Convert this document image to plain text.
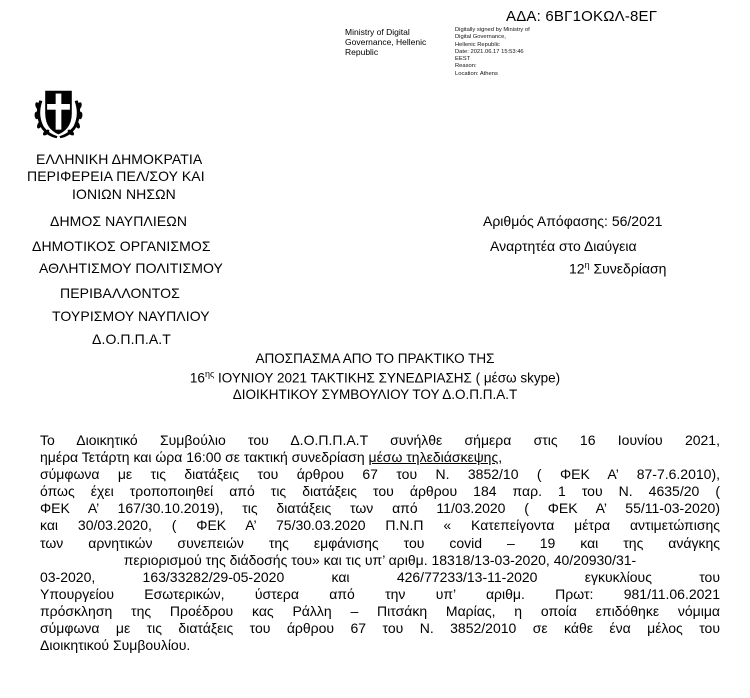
ΑΔΑ: 6ΒΓ1ΟΚΩΛ-8ΕΓ
Ministry of Digital Governance, Hellenic Republic
Digitally signed by Ministry of Digital Governance,
Hellenic Republic
Date: 2021.06.17 15:53:46
EEST
Reason:
Location: Athens
ΕΛΛΗΝΙΚΗ ΔΗΜΟΚΡΑΤΙΑ
ΠΕΡΙΦΕΡΕΙΑ ΠΕΛ/ΣΟΥ ΚΑΙ
ΙΟΝΙΩΝ ΝΗΣΩΝ
ΔΗΜΟΣ ΝΑΥΠΛΙΕΩΝ
ΔΗΜΟΤΙΚΟΣ ΟΡΓΑΝΙΣΜΟΣ
ΑΘΛΗΤΙΣΜΟΥ ΠΟΛΙΤΙΣΜΟΥ
ΠΕΡΙΒΑΛΛΟΝΤΟΣ
ΤΟΥΡΙΣΜΟΥ ΝΑΥΠΛΙΟΥ
Δ.Ο.Π.Π.Α.Τ
Αριθμός Απόφασης: 56/2021
Αναρτητέα στο Διαύγεια
$12^\eta$ Συνεδρίαση
ΑΠΟΣΠΑΣΜΑ ΑΠΟ ΤΟ ΠΡΑΚΤΙΚΟ ΤΗΣ
$16^{\eta\varsigma}$ ΙΟΥΝΙΟΥ 2021 ΤΑΚΤΙΚΗΣ ΣΥΝΕΔΡΙΑΣΗΣ ( μέσω skype)
ΔΙΟΙΚΗΤΙΚΟΥ ΣΥΜΒΟΥΛΙΟΥ ΤΟΥ Δ.Ο.Π.Π.Α.Τ
Το Διοικητικό Συμβούλιο του Δ.Ο.Π.Π.Α.Τ συνήλθε σήμερα στις 16 Ιουνίου 2021,
ημέρα Τετάρτη και ώρα 16:00 σε τακτική συνεδρίαση μέσω τηλεδιάσκεψης,
σύμφωνα με τις διατάξεις του άρθρου 67 του Ν. 3852/10 ( ΦΕΚ Α’ 87-7.6.2010),
όπως έχει τροποποιηθεί από τις διατάξεις του άρθρου 184 παρ. 1 του Ν. 4635/20 (
ΦΕΚ Α’ 167/30.10.2019), τις διατάξεις των από 11/03.2020 ( ΦΕΚ Α’ 55/11-03-2020)
και 30/03.2020, ( ΦΕΚ Α’ 75/30.03.2020 Π.Ν.Π « Κατεπείγοντα μέτρα αντιμετώπισης
των αρνητικών συνεπειών της εμφάνισης του covid – 19 και της ανάγκης
περιορισμού της διάδοσής του» και τις υπ’ αριθμ. 18318/13-03-2020, 40/20930/31-
03-2020, 163/33282/29-05-2020 και 426/77233/13-11-2020 εγκυκλίους του
Υπουργείου Εσωτερικών, ύστερα από την υπ’ αριθμ. Πρωτ: 981/11.06.2021
πρόσκληση της Προέδρου κας Ράλλη – Πιτσάκη Μαρίας, η οποία επιδόθηκε νόμιμα
σύμφωνα με τις διατάξεις του άρθρου 67 του Ν. 3852/2010 σε κάθε ένα μέλος του
Διοικητικού Συμβουλίου.
